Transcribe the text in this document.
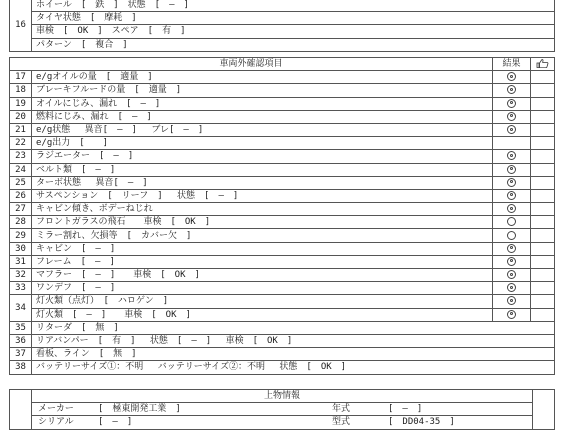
16	ホイール　[　鉄　]　状態　[　―　]
タイヤ状態　[　摩耗　]
車検　[　OK　]　スペア　[　有　]
パターン　[　複合　]
車両外確認項目		結果	
17	e/gオイルの量　[　適量　]		
18	ブレーキフルードの量　[　適量　]		
19	オイルにじみ、漏れ　[　―　]		
20	燃料にじみ、漏れ　[　―　]		
21	e/g状態　 異音[　―　]　 ブレ[　―　]		
22	e/g出力　[　　]		
23	ラジエーター　[　―　]		
24	ベルト類　[　―　]		
25	ターボ状態　 異音[　―　]		
26	サスペンション　[　リーフ　]　 状態　[　―　]		
27	キャビン傾き、ボデーねじれ		
28	フロントガラスの飛石　　車検　[　OK　]		
29	ミラー割れ、欠損等　[　カバー欠　]		
30	キャビン　[　―　]		
31	フレーム　[　―　]		
32	マフラー　[　―　]　　車検　[　OK　]		
33	ワンデフ　[　―　]		
34	灯火類（点灯）　[　ハロゲン　]		
	灯火類　[　―　]　　車検　[　OK　]		
35	リターダ　[　無　]		
36	リアバンパー　[　有　]　 状態　[　―　]　 車検　[　OK　]		
37	看板、ライン　[　無　]		
38	バッテリーサイズ①：不明　 バッテリーサイズ②：不明　 状態　[　OK　]		
	上物情報	
	メーカー [　極東開発工業　] 年式 [　―　]	
	シリアル [　―　] 型式 [　DD04-35　]	
